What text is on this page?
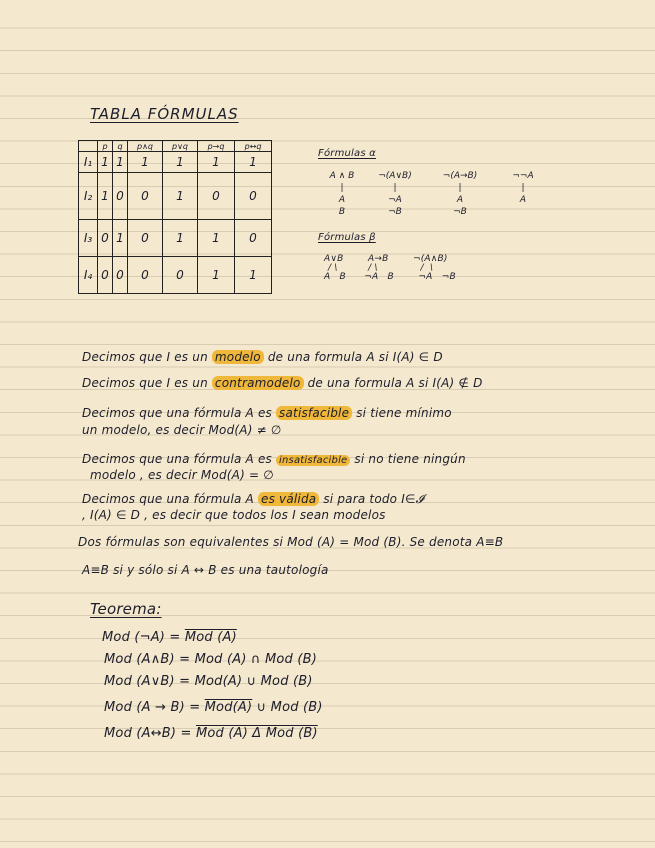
TABLA FÓRMULAS
	p	q	p∧q	p∨q	p→q	p↔q
I₁	1	1	1	1	1	1
I₂	1	0	0	1	0	0
I₃	0	1	0	1	1	0
I₄	0	0	0	0	1	1
Fórmulas α
A ∧ B
|
A
B
¬(A∨B)
|
¬A
¬B
¬(A→B)
|
A
¬B
¬¬A
|
A
Fórmulas β
A∨B        A→B        ¬(A∧B)
/ \          / \              /  \
A   B      ¬A   B        ¬A   ¬B
Decimos que I es un modelo de una formula A si I(A) ∈ D
Decimos que I es un contramodelo de una formula A si I(A) ∉ D
Decimos que una fórmula A es satisfacible si tiene mínimo
un modelo, es decir Mod(A) ≠ ∅
Decimos que una fórmula A es insatisfacible si no tiene ningún
modelo , es decir Mod(A) = ∅
Decimos que una fórmula A es válida si para todo I∈𝓘
, I(A) ∈ D , es decir que todos los I sean modelos
Dos fórmulas son equivalentes si Mod (A) = Mod (B). Se denota A≡B
A≡B si y sólo si A ↔ B es una tautología
Teorema:
Mod (¬A) = Mod (A)
Mod (A∧B) = Mod (A) ∩ Mod (B)
Mod (A∨B) = Mod(A) ∪ Mod (B)
Mod (A → B) = Mod(A) ∪ Mod (B)
Mod (A↔B) = Mod (A) Δ Mod (B)
